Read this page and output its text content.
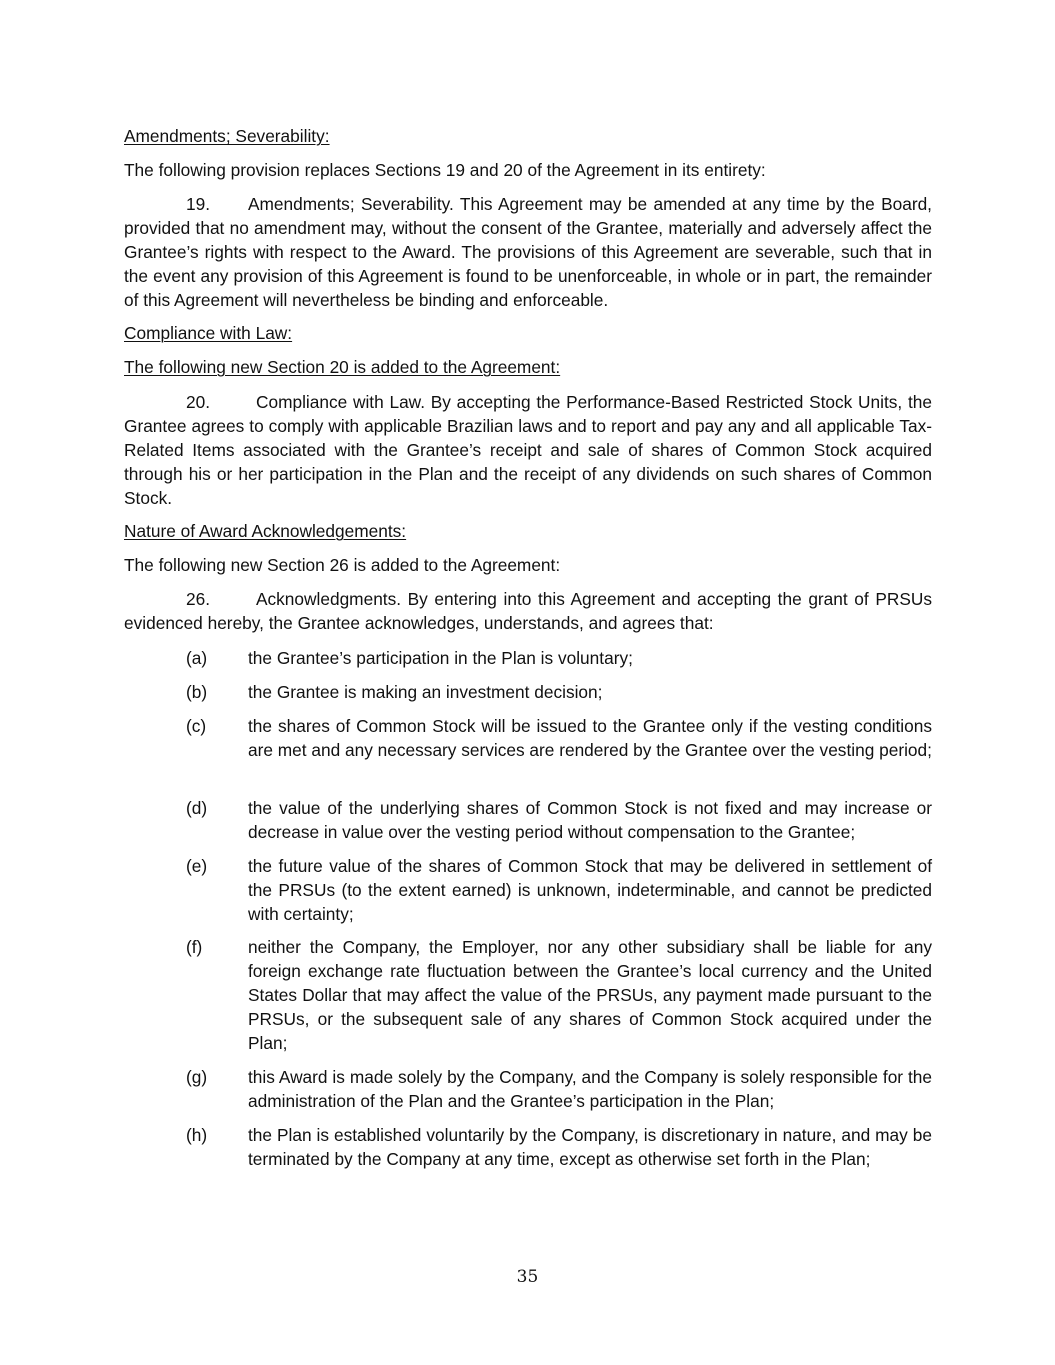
Amendments; Severability:
The following provision replaces Sections 19 and 20 of the Agreement in its entirety:
19. Amendments; Severability. This Agreement may be amended at any time by the Board, provided that no amendment may, without the consent of the Grantee, materially and adversely affect the Grantee’s rights with respect to the Award. The provisions of this Agreement are severable, such that in the event any provision of this Agreement is found to be unenforceable, in whole or in part, the remainder of this Agreement will nevertheless be binding and enforceable.
Compliance with Law:
The following new Section 20 is added to the Agreement:
20.	Compliance with Law. By accepting the Performance-Based Restricted Stock Units, the Grantee agrees to comply with applicable Brazilian laws and to report and pay any and all applicable Tax-Related Items associated with the Grantee’s receipt and sale of shares of Common Stock acquired through his or her participation in the Plan and the receipt of any dividends on such shares of Common Stock.
Nature of Award Acknowledgements:
The following new Section 26 is added to the Agreement:
26.	Acknowledgments. By entering into this Agreement and accepting the grant of PRSUs evidenced hereby, the Grantee acknowledges, understands, and agrees that:
(a)	the Grantee’s participation in the Plan is voluntary;
(b)	the Grantee is making an investment decision;
(c)	the shares of Common Stock will be issued to the Grantee only if the vesting conditions are met and any necessary services are rendered by the Grantee over the vesting period;
(d)	the value of the underlying shares of Common Stock is not fixed and may increase or decrease in value over the vesting period without compensation to the Grantee;
(e)	the future value of the shares of Common Stock that may be delivered in settlement of the PRSUs (to the extent earned) is unknown, indeterminable, and cannot be predicted with certainty;
(f)	neither the Company, the Employer, nor any other subsidiary shall be liable for any foreign exchange rate fluctuation between the Grantee’s local currency and the United States Dollar that may affect the value of the PRSUs, any payment made pursuant to the PRSUs, or the subsequent sale of any shares of Common Stock acquired under the Plan;
(g)	this Award is made solely by the Company, and the Company is solely responsible for the administration of the Plan and the Grantee’s participation in the Plan;
(h)	the Plan is established voluntarily by the Company, is discretionary in nature, and may be terminated by the Company at any time, except as otherwise set forth in the Plan;
35
